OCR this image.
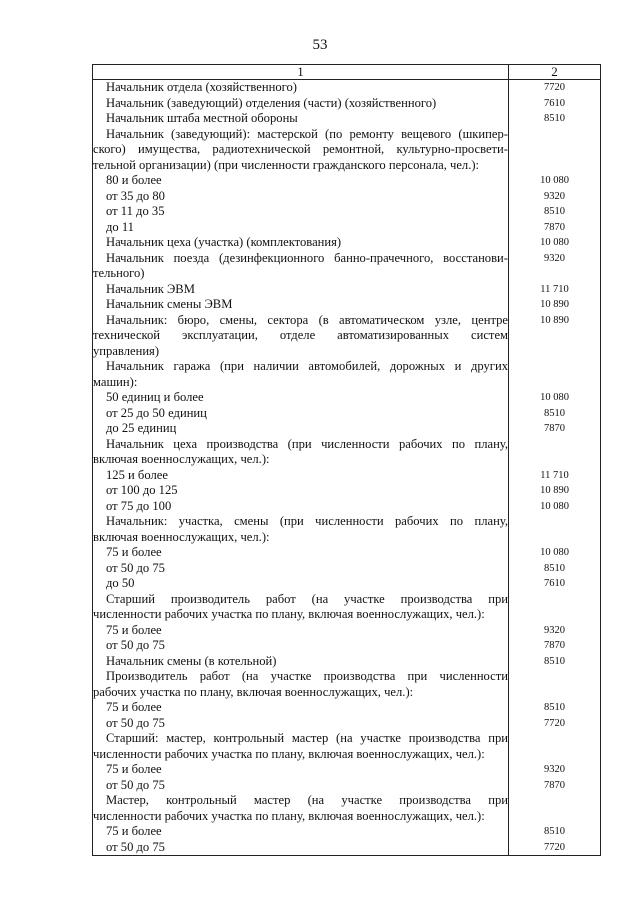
53
1	2

Начальник отдела (хозяйственного)	7720

Начальник (заведующий) отделения (части) (хозяйственного)	7610

Начальник штаба местной обороны	8510

Начальник (заведующий): мастерской (по ремонту вещевого (шкипер-
ского) имущества, радиотехнической ремонтной, культурно-просвети-
тельной организации) (при численности гражданского персонала, чел.):	

80 и более	10 080

от 35 до 80	9320

от 11 до 35	8510

до 11	7870

Начальник цеха (участка) (комплектования)	10 080

Начальник поезда (дезинфекционного банно-прачечного, восстанови-
тельного)	9320

Начальник ЭВМ	11 710

Начальник смены ЭВМ	10 890

Начальник: бюро, смены, сектора (в автоматическом узле, центре
технической эксплуатации, отделе автоматизированных систем
управления)	10 890

Начальник гаража (при наличии автомобилей, дорожных и других
машин):	

50 единиц и более	10 080

от 25 до 50 единиц	8510

до 25 единиц	7870

Начальник цеха производства (при численности рабочих по плану,
включая военнослужащих, чел.):	

125 и более	11 710

от 100 до 125	10 890

от 75 до 100	10 080

Начальник: участка, смены (при численности рабочих по плану,
включая военнослужащих, чел.):	

75 и более	10 080

от 50 до 75	8510

до 50	7610

Старший производитель работ (на участке производства при
численности рабочих участка по плану, включая военнослужащих, чел.):	

75 и более	9320

от 50 до 75	7870

Начальник смены (в котельной)	8510

Производитель работ (на участке производства при численности
рабочих участка по плану, включая военнослужащих, чел.):	

75 и более	8510

от 50 до 75	7720

Старший: мастер, контрольный мастер (на участке производства при
численности рабочих участка по плану, включая военнослужащих, чел.):	

75 и более	9320

от 50 до 75	7870

Мастер, контрольный мастер (на участке производства при
численности рабочих участка по плану, включая военнослужащих, чел.):	

75 и более	8510

от 50 до 75	7720
